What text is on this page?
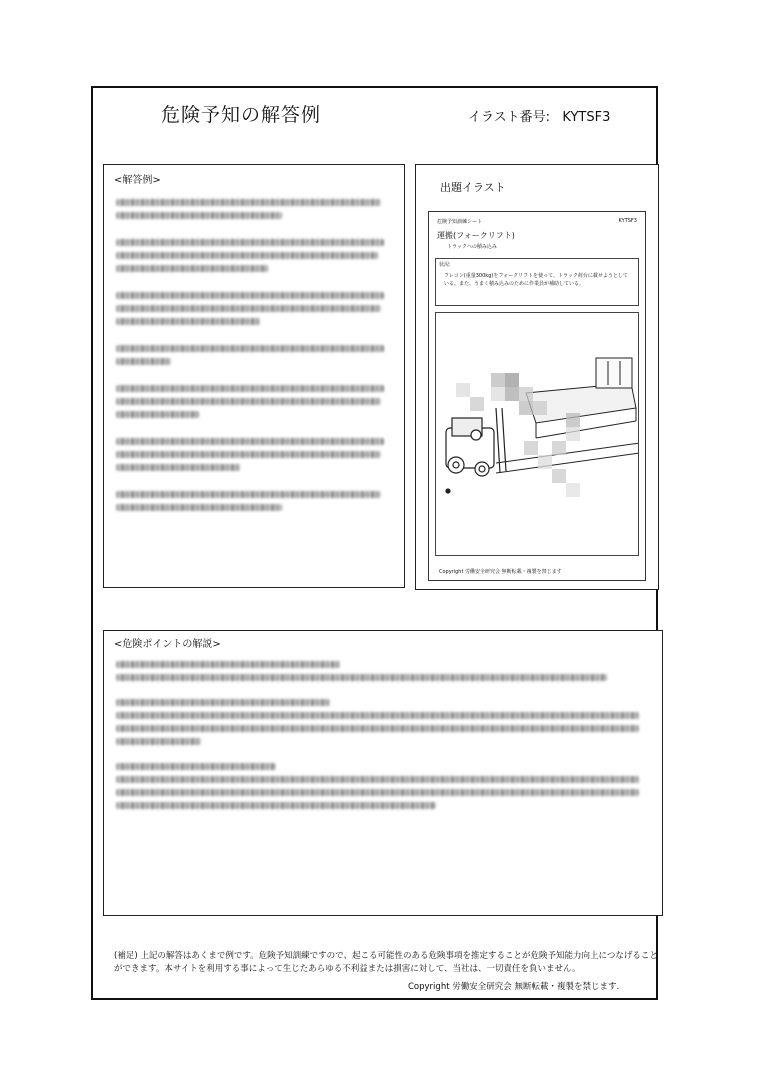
危険予知の解答例	イラスト番号: KYTSF3
<解答例>
出題イラスト
危険予知訓練シート	KYTSF3
運搬(フォークリフト)
トラックへの積み込み
状況:
フレコン(重量300kg)をフォークリフトを使って、トラック荷台に載せようとしている。また、うまく積み込みのために作業員が補助している。
Copyright 労働安全研究会 無断転載・複製を禁じます
<危険ポイントの解説>
(補足) 上記の解答はあくまで例です。危険予知訓練ですので、起こる可能性のある危険事項を推定することが危険予知能力向上につなげることができます。本サイトを利用する事によって生じたあらゆる不利益または損害に対して、当社は、一切責任を負いません。
Copyright 労働安全研究会 無断転載・複製を禁じます.
